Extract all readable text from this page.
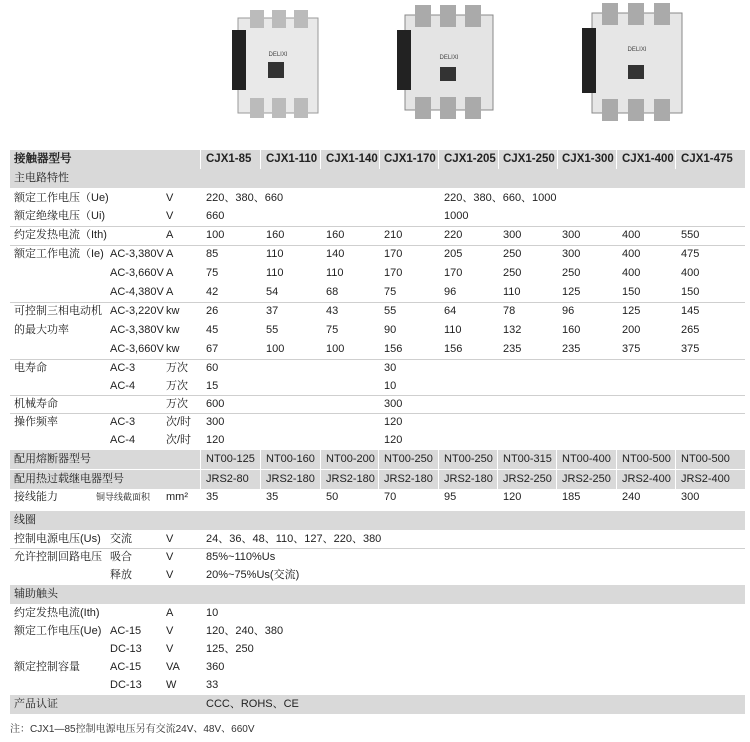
DELIXI	DELIXI
DELIXI
接触器型号	CJX1-85 CJX1-110 CJX1-140 CJX1-170 CJX1-205 CJX1-250 CJX1-300 CJX1-400 CJX1-475
主电路特性
额定工作电压（Ue)	V	220、380、660	220、380、660、1000
额定绝缘电压（Ui)	V	660	1000
约定发热电流（Ith)	A	100	160	160	210	220	300	300	400	550
额定工作电流（Ie) AC-3,380V A	85	110	140	170	205	250	300	400	475
AC-3,660V A	75	110	110	170	170	250	250	400	400
AC-4,380V A	42	54	68	75	96	110	125	150	150
可控制三相电动机
的最大功率
AC-3,220V kw 26	37	43	55	64	78	96	125	145
AC-3,380V kw 45	55	75	90	110	132	160	200	265
AC-3,660V kw 67	100	100	156	156	235	235	375	375
电寿命	AC-3	万次 60	30
AC-4	万次 15	10
机械寿命	万次 600	300
操作频率	AC-3	次/时 300	120
AC-4	次/时 120	120
配用熔断器型号	NT00-125 NT00-160 NT00-200 NT00-250 NT00-250 NT00-315 NT00-400 NT00-500 NT00-500
配用热过载继电器型号	JRS2-80 JRS2-180 JRS2-180 JRS2-180 JRS2-180 JRS2-250 JRS2-250 JRS2-400 JRS2-400
接线能力	铜导线截面积 mm² 35	35	50	70	95	120	185	240	300
线圈
控制电源电压(Us) 交流	V	24、36、48、110、127、220、380
允许控制回路电压 吸合	V	85%~110%Us
释放	V	20%~75%Us(交流)
辅助触头
约定发热电流(Ith)	A	10
额定工作电压(Ue) AC-15 V	120、240、380
DC-13 V	125、250
额定控制容量	AC-15 VA 360
DC-13 W	33
产品认证	CCC、ROHS、CE
注：CJX1—85控制电源电压另有交流24V、48V、660V
